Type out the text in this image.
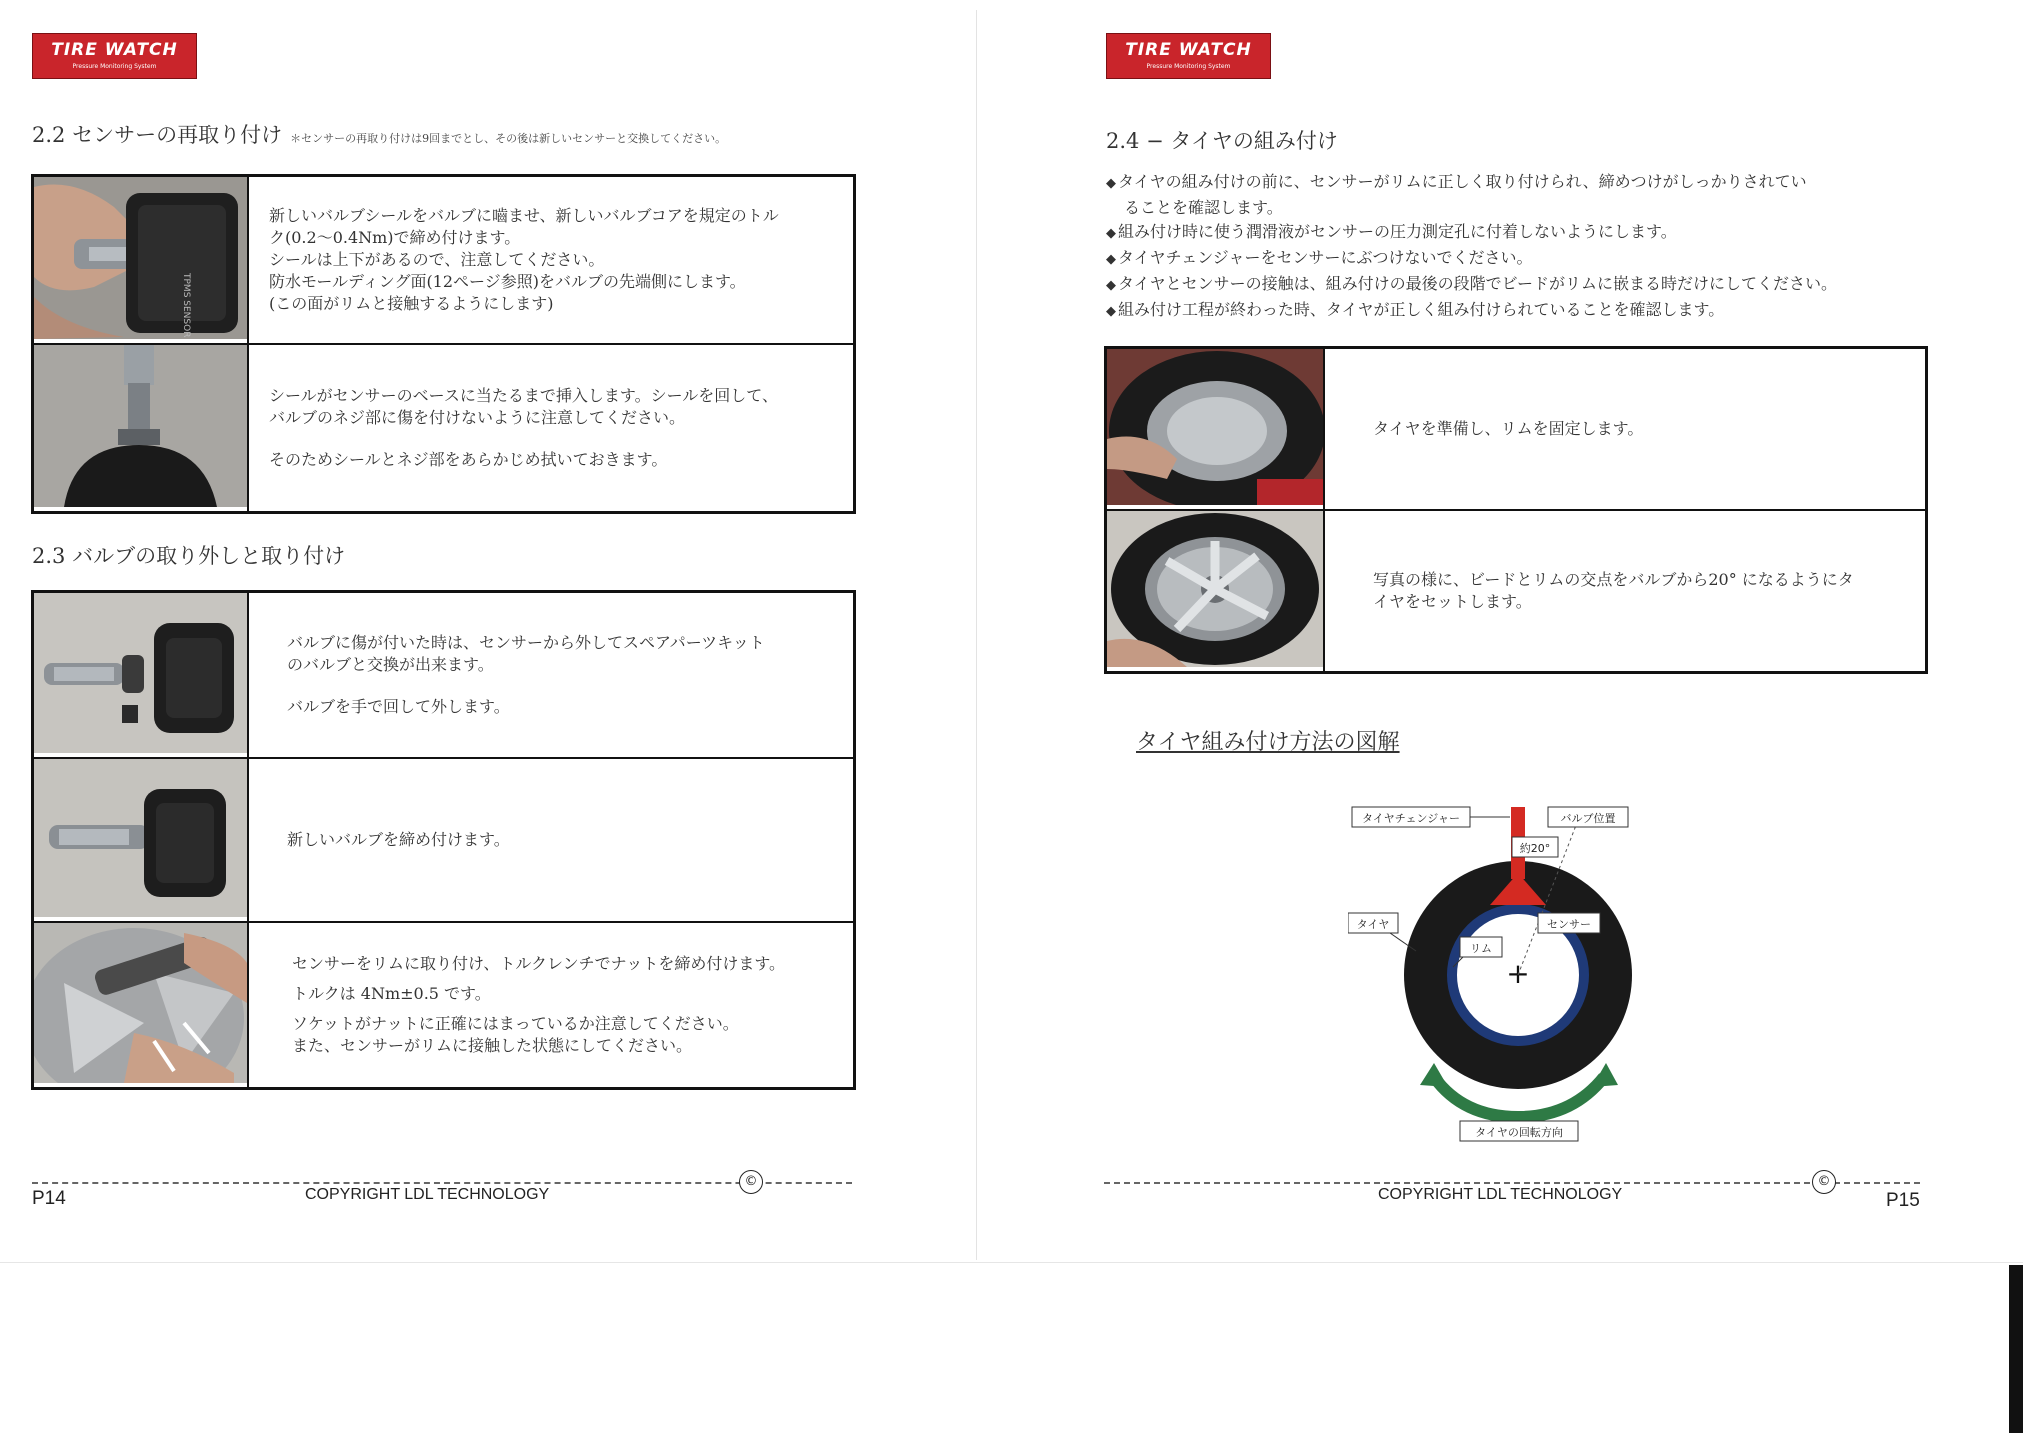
TIRE WATCH
Pressure Monitoring System
2.2 センサーの再取り付け ＊センサーの再取り付けは9回までとし、その後は新しいセンサーと交換してください。
TPMS SENSOR	新しいバルブシールをバルブに嚙ませ、新しいバルブコアを規定のトル
ク(0.2〜0.4Nm)で締め付けます。
シールは上下があるので、注意してください。
防水モールディング面(12ページ参照)をバルブの先端側にします。
(この面がリムと接触するようにします)

シールがセンサーのベースに当たるまで挿入します。シールを回して、
バルブのネジ部に傷を付けないように注意してください。
そのためシールとネジ部をあらかじめ拭いておきます。
2.3 バルブの取り外しと取り付け

バルブに傷が付いた時は、センサーから外してスペアパーツキット
のバルブと交換が出来ます。
バルブを手で回して外します。

新しいバルブを締め付けます。

センサーをリムに取り付け、トルクレンチでナットを締め付けます。
トルクは 4Nm±0.5 です。
ソケットがナットに正確にはまっているか注意してください。
また、センサーがリムに接触した状態にしてください。
©
P14	COPYRIGHT LDL TECHNOLOGY
TIRE WATCH
Pressure Monitoring System
2.4 − タイヤの組み付け
◆ タイヤの組み付けの前に、センサーがリムに正しく取り付けられ、締めつけがしっかりされてい
ることを確認します。
◆ 組み付け時に使う潤滑液がセンサーの圧力測定孔に付着しないようにします。
◆ タイヤチェンジャーをセンサーにぶつけないでください。
◆ タイヤとセンサーの接触は、組み付けの最後の段階でビードがリムに嵌まる時だけにしてください。
◆ 組み付け工程が終わった時、タイヤが正しく組み付けられていることを確認します。

タイヤを準備し、リムを固定します。

写真の様に、ビードとリムの交点をバルブから20° になるようにタ
イヤをセットします。
タイヤ組み付け方法の図解
+
タイヤチェンジャー	バルブ位置
約20°
タイヤ	センサー
リム
タイヤの回転方向
©
COPYRIGHT LDL TECHNOLOGY	P15
